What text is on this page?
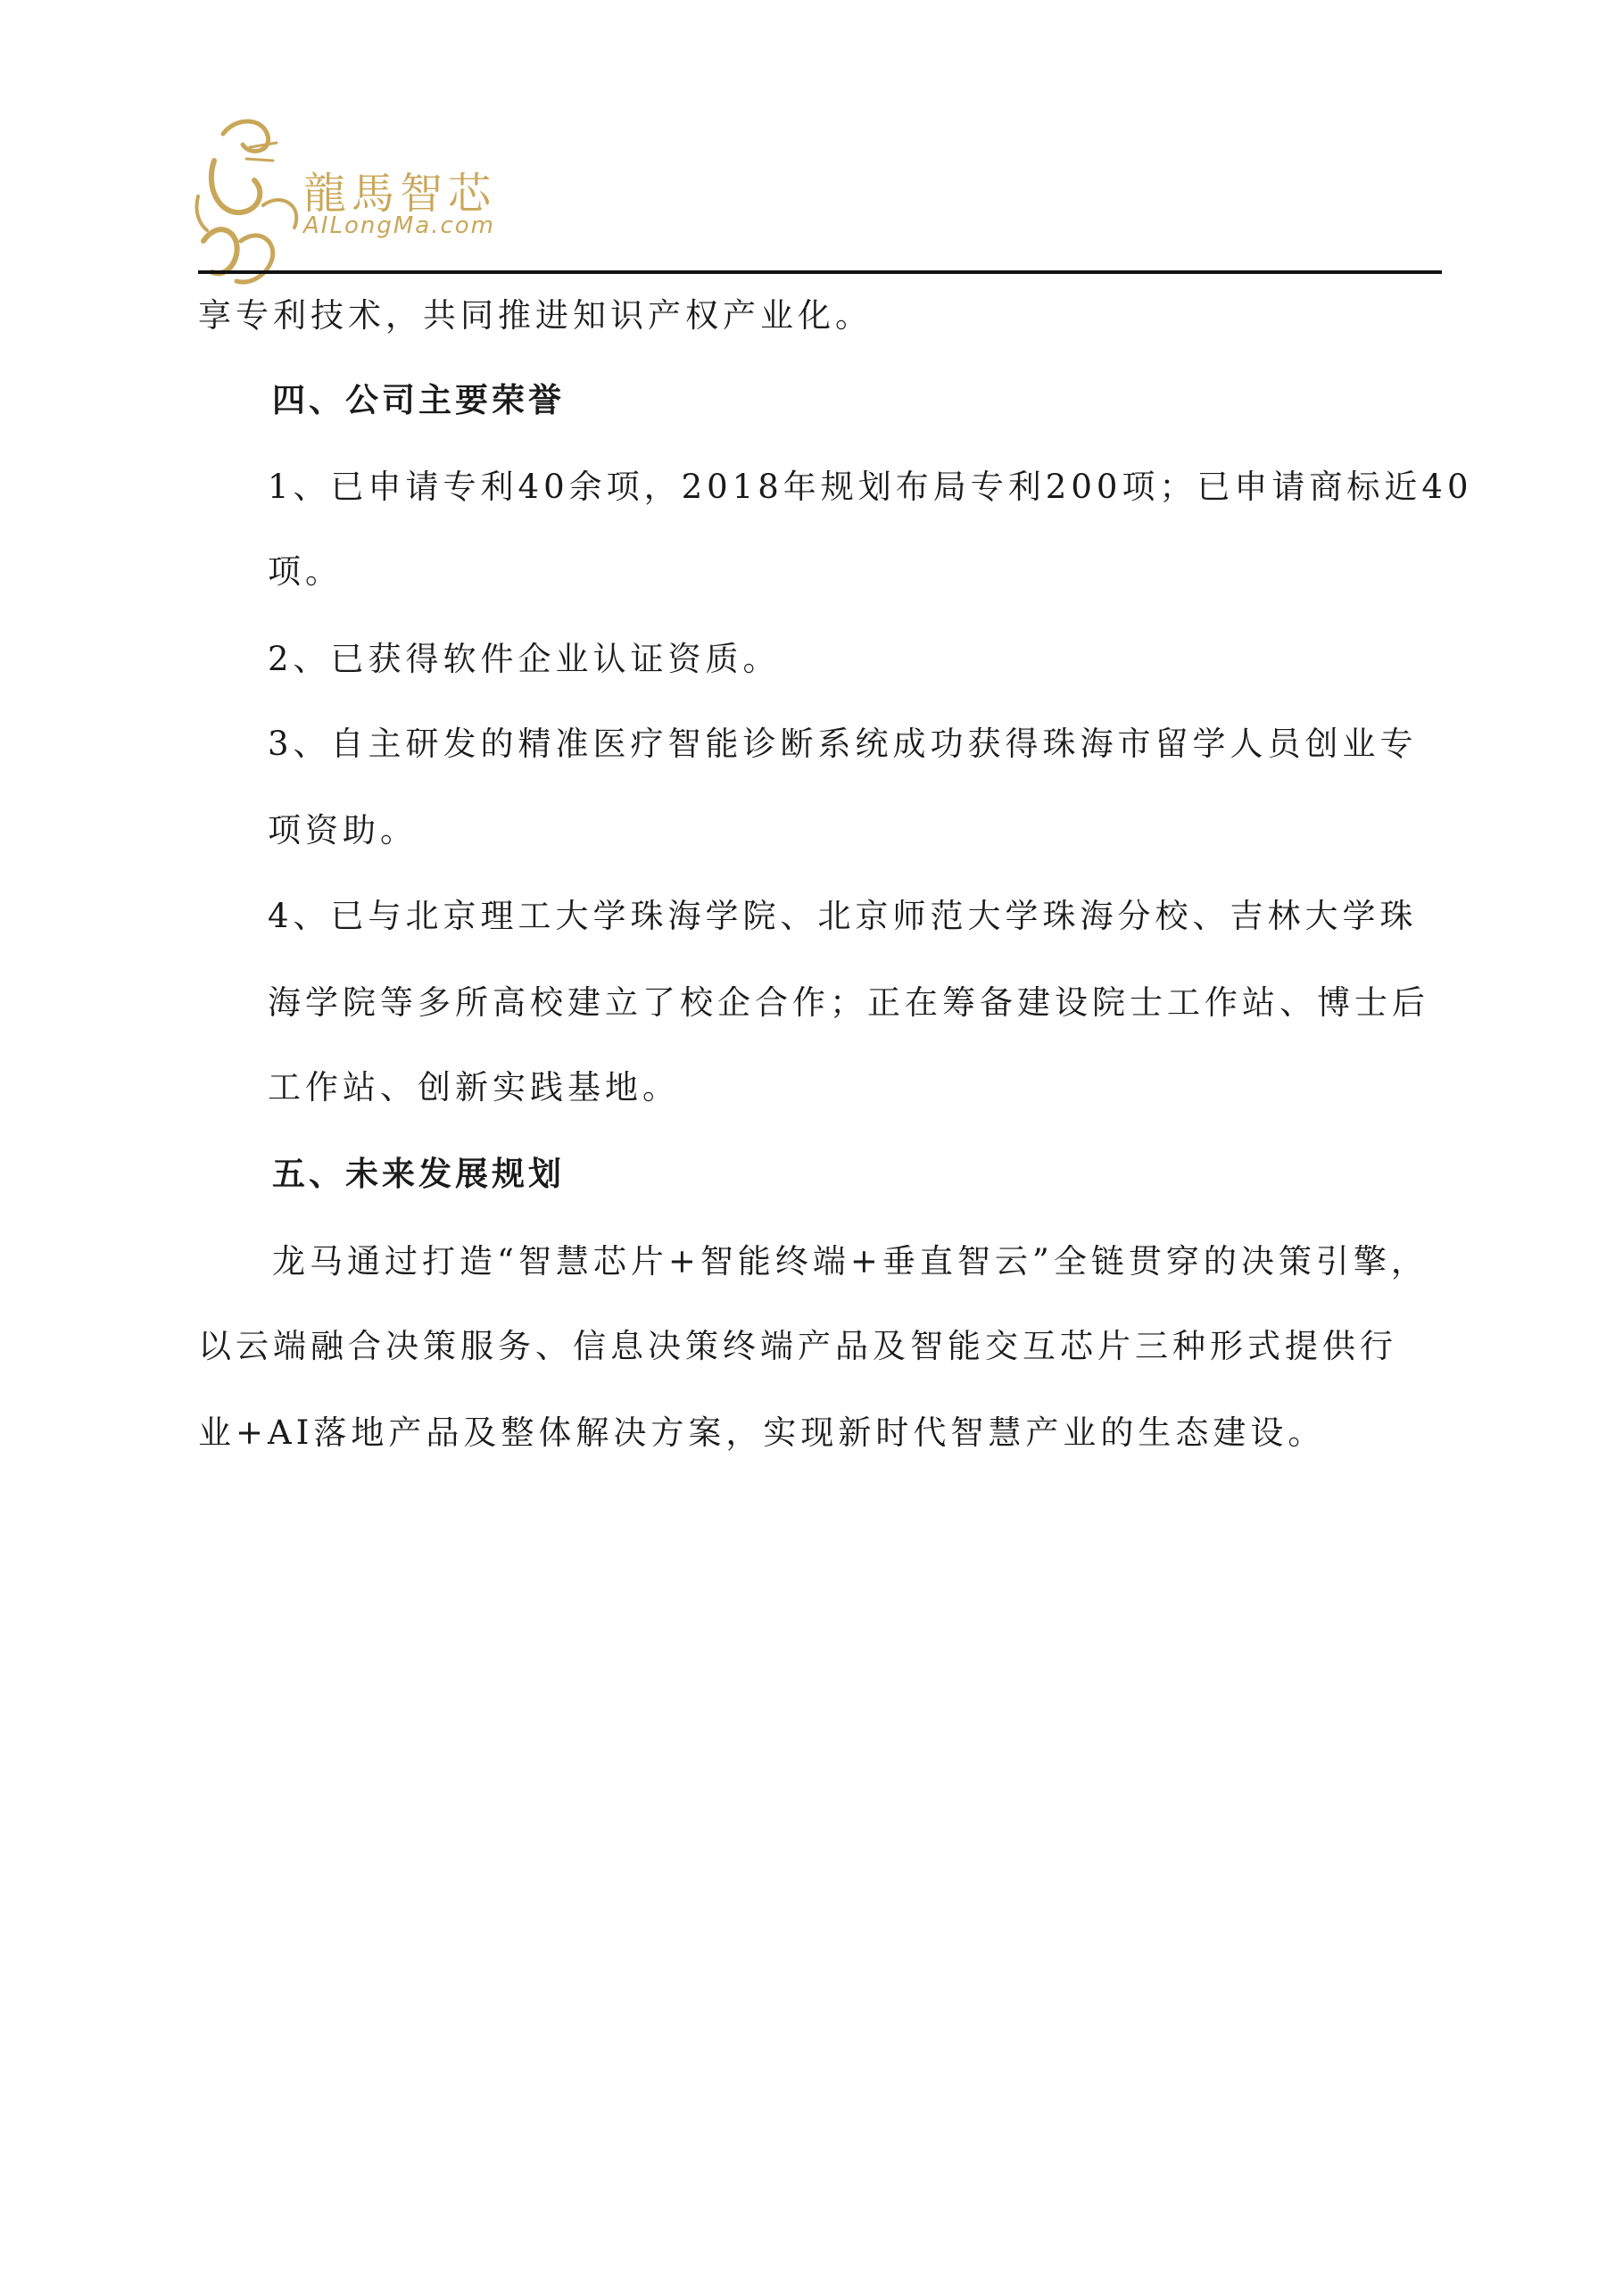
龍馬智芯
AILongMa.com
享专利技术，共同推进知识产权产业化。
四、公司主要荣誉
1、已申请专利40余项，2018年规划布局专利200项；已申请商标近40
项。
2、已获得软件企业认证资质。
3、自主研发的精准医疗智能诊断系统成功获得珠海市留学人员创业专
项资助。
4、已与北京理工大学珠海学院、北京师范大学珠海分校、吉林大学珠
海学院等多所高校建立了校企合作；正在筹备建设院士工作站、博士后
工作站、创新实践基地。
五、未来发展规划
龙马通过打造“智慧芯片+智能终端+垂直智云”全链贯穿的决策引擎，
以云端融合决策服务、信息决策终端产品及智能交互芯片三种形式提供行
业+AI落地产品及整体解决方案，实现新时代智慧产业的生态建设。
